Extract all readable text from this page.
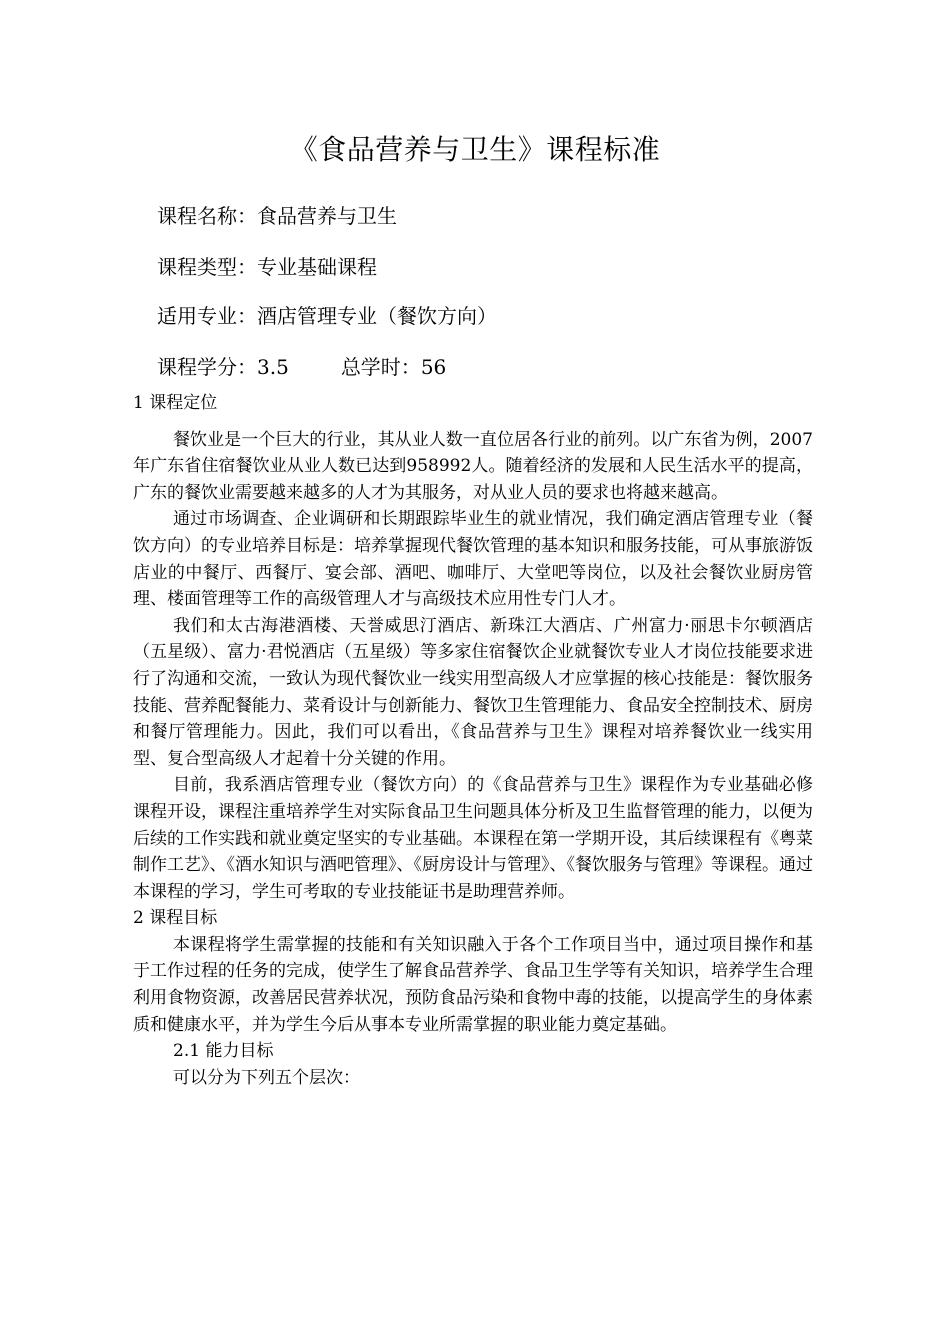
《食品营养与卫生》课程标准
课程名称：食品营养与卫生
课程类型：专业基础课程
适用专业：酒店管理专业（餐饮方向）
课程学分：3.5	总学时：56

1 课程定位

餐饮业是一个巨大的行业，其从业人数一直位居各行业的前列。以广东省为例，2007年广东省住宿餐饮业从业人数已达到958992人。随着经济的发展和人民生活水平的提高，广东的餐饮业需要越来越多的人才为其服务，对从业人员的要求也将越来越高。

通过市场调查、企业调研和长期跟踪毕业生的就业情况，我们确定酒店管理专业（餐饮方向）的专业培养目标是：培养掌握现代餐饮管理的基本知识和服务技能，可从事旅游饭店业的中餐厅、西餐厅、宴会部、酒吧、咖啡厅、大堂吧等岗位，以及社会餐饮业厨房管理、楼面管理等工作的高级管理人才与高级技术应用性专门人才。

我们和太古海港酒楼、天誉威思汀酒店、新珠江大酒店、广州富力·丽思卡尔顿酒店（五星级）、富力·君悦酒店（五星级）等多家住宿餐饮企业就餐饮专业人才岗位技能要求进行了沟通和交流，一致认为现代餐饮业一线实用型高级人才应掌握的核心技能是：餐饮服务技能、营养配餐能力、菜肴设计与创新能力、餐饮卫生管理能力、食品安全控制技术、厨房和餐厅管理能力。因此，我们可以看出，《食品营养与卫生》课程对培养餐饮业一线实用型、复合型高级人才起着十分关键的作用。

目前，我系酒店管理专业（餐饮方向）的《食品营养与卫生》课程作为专业基础必修课程开设，课程注重培养学生对实际食品卫生问题具体分析及卫生监督管理的能力，以便为后续的工作实践和就业奠定坚实的专业基础。本课程在第一学期开设，其后续课程有《粤菜制作工艺》、《酒水知识与酒吧管理》、《厨房设计与管理》、《餐饮服务与管理》等课程。通过本课程的学习，学生可考取的专业技能证书是助理营养师。

2 课程目标

本课程将学生需掌握的技能和有关知识融入于各个工作项目当中，通过项目操作和基于工作过程的任务的完成，使学生了解食品营养学、食品卫生学等有关知识，培养学生合理利用食物资源，改善居民营养状况，预防食品污染和食物中毒的技能，以提高学生的身体素质和健康水平，并为学生今后从事本专业所需掌握的职业能力奠定基础。

2.1 能力目标

可以分为下列五个层次：
